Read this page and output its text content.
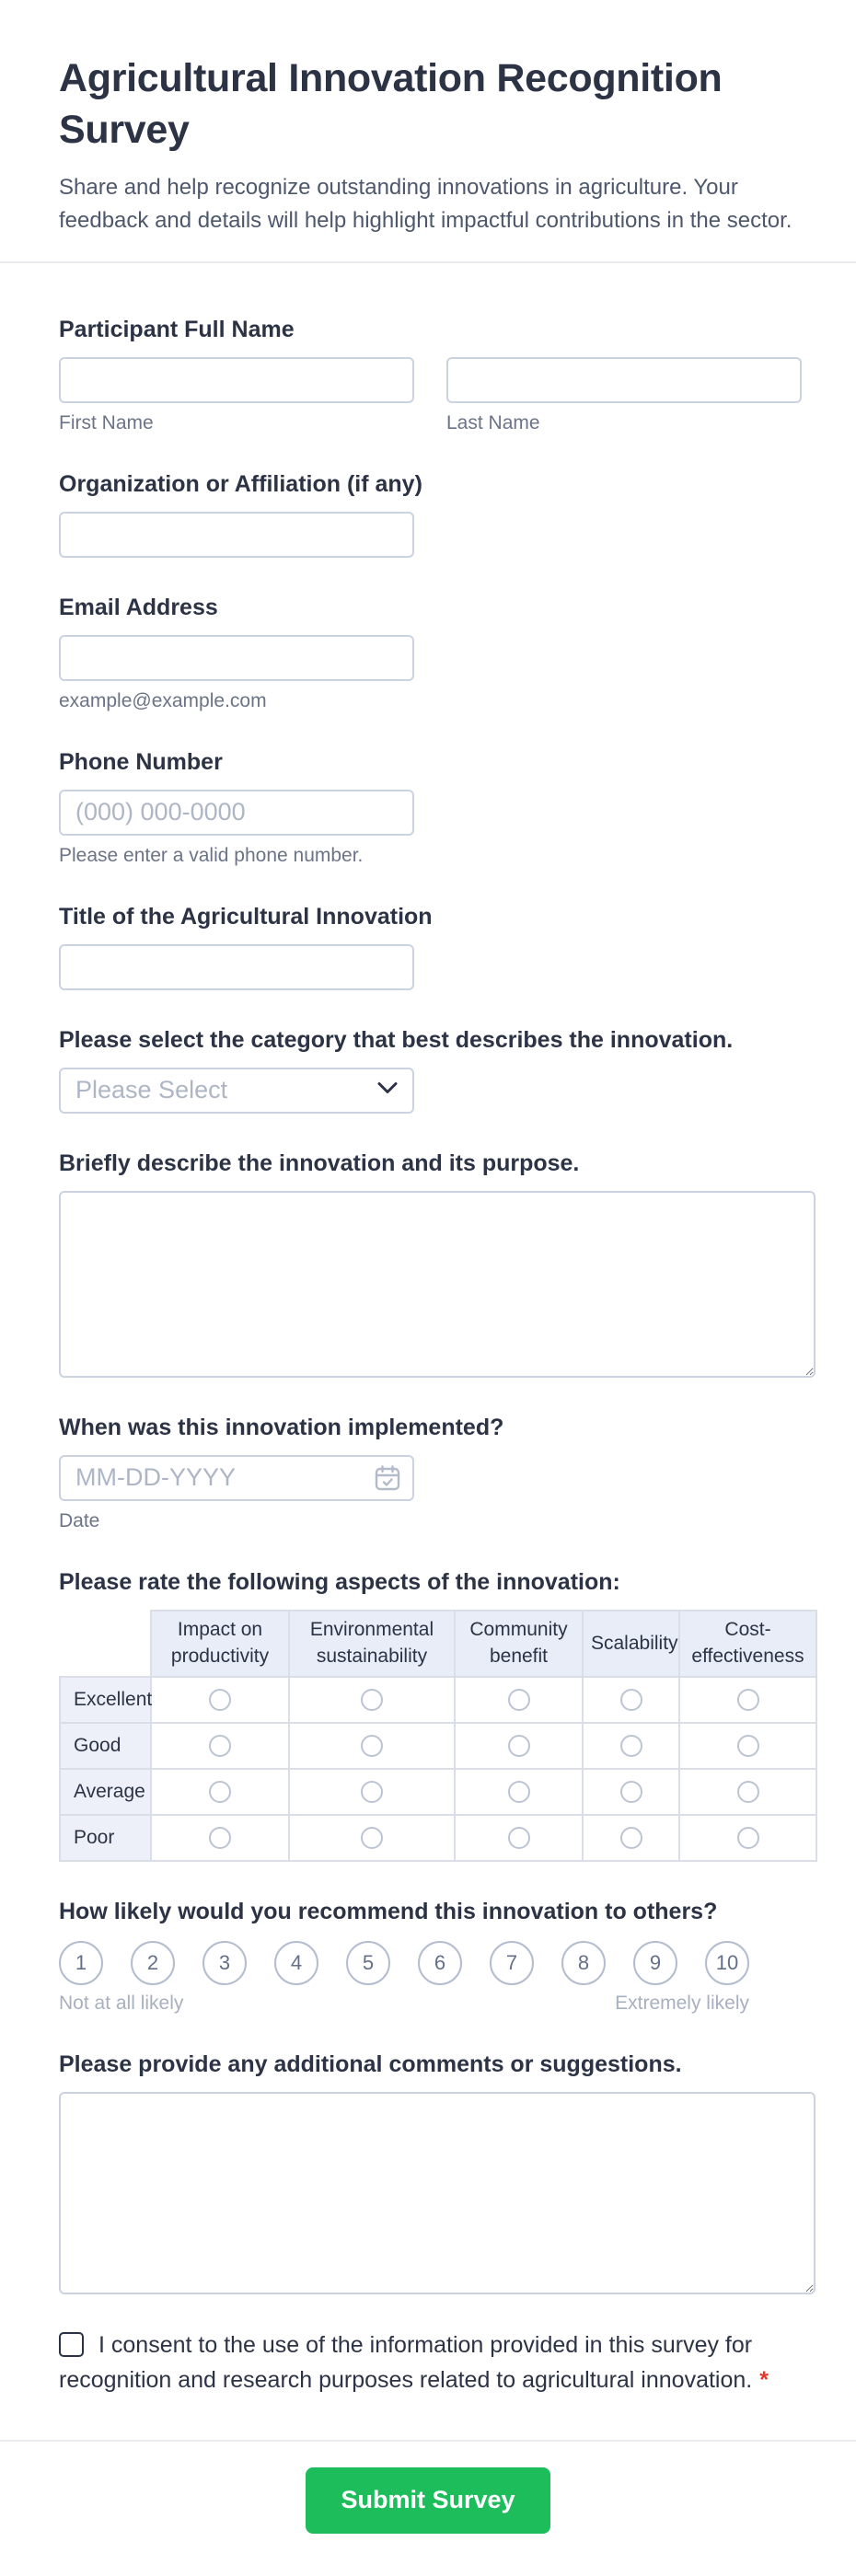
Agricultural Innovation Recognition Survey

Share and help recognize outstanding innovations in agriculture. Your feedback and details will help highlight impactful contributions in the sector.

Participant Full Name
First Name	Last Name
Organization or Affiliation (if any)
Email Address
example@example.com
Phone Number
(000) 000-0000
Please enter a valid phone number.
Title of the Agricultural Innovation
Please select the category that best describes the innovation.
Please Select
Briefly describe the innovation and its purpose.
When was this innovation implemented?
MM-DD-YYYY
Date
Please rate the following aspects of the innovation:
	Impact on productivity	Environmental sustainability	Community benefit	Scalability	Cost-effectiveness
Excellent					
Good					
Average					
Poor					
How likely would you recommend this innovation to others?
1	2	3	4	5	6	7	8	9	10
Not at all likely	Extremely likely
Please provide any additional comments or suggestions.
I consent to the use of the information provided in this survey for recognition and research purposes related to agricultural innovation. *
Submit Survey
